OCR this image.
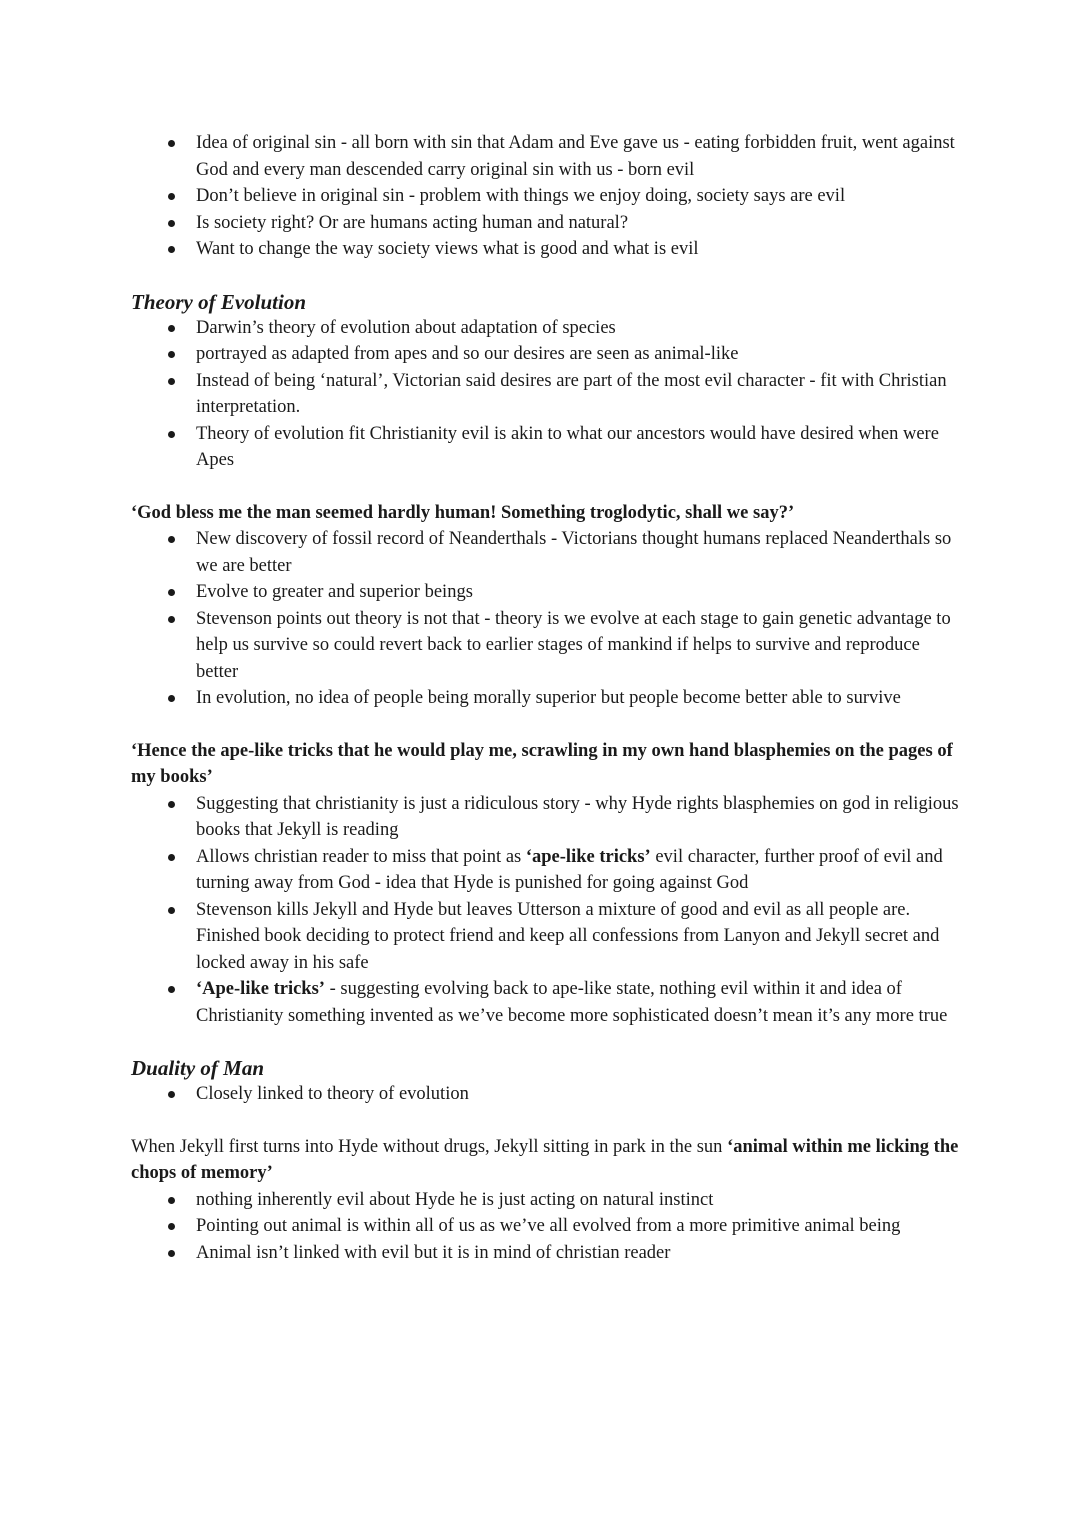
Idea of original sin - all born with sin that Adam and Eve gave us - eating forbidden fruit, went against God and every man descended carry original sin with us - born evil
Don’t believe in original sin - problem with things we enjoy doing, society says are evil
Is society right? Or are humans acting human and natural?
Want to change the way society views what is good and what is evil
Theory of Evolution
Darwin’s theory of evolution about adaptation of species
portrayed as adapted from apes and so our desires are seen as animal-like
Instead of being ‘natural’, Victorian said desires are part of the most evil character - fit with Christian interpretation.
Theory of evolution fit Christianity evil is akin to what our ancestors would have desired when were Apes

‘God bless me the man seemed hardly human! Something troglodytic, shall we say?’

New discovery of fossil record of Neanderthals - Victorians thought humans replaced Neanderthals so we are better
Evolve to greater and superior beings
Stevenson points out theory is not that - theory is we evolve at each stage to gain genetic advantage to help us survive so could revert back to earlier stages of mankind if helps to survive and reproduce better
In evolution, no idea of people being morally superior but people become better able to survive

‘Hence the ape-like tricks that he would play me, scrawling in my own hand blasphemies on the pages of my books’

Suggesting that christianity is just a ridiculous story - why Hyde rights blasphemies on god in religious books that Jekyll is reading
Allows christian reader to miss that point as ‘ape-like tricks’ evil character, further proof of evil and turning away from God - idea that Hyde is punished for going against God
Stevenson kills Jekyll and Hyde but leaves Utterson a mixture of good and evil as all people are. Finished book deciding to protect friend and keep all confessions from Lanyon and Jekyll secret and locked away in his safe
‘Ape-like tricks’ - suggesting evolving back to ape-like state, nothing evil within it and idea of Christianity something invented as we’ve become more sophisticated doesn’t mean it’s any more true
Duality of Man
Closely linked to theory of evolution

When Jekyll first turns into Hyde without drugs, Jekyll sitting in park in the sun ‘animal within me licking the chops of memory’

nothing inherently evil about Hyde he is just acting on natural instinct
Pointing out animal is within all of us as we’ve all evolved from a more primitive animal being
Animal isn’t linked with evil but it is in mind of christian reader
